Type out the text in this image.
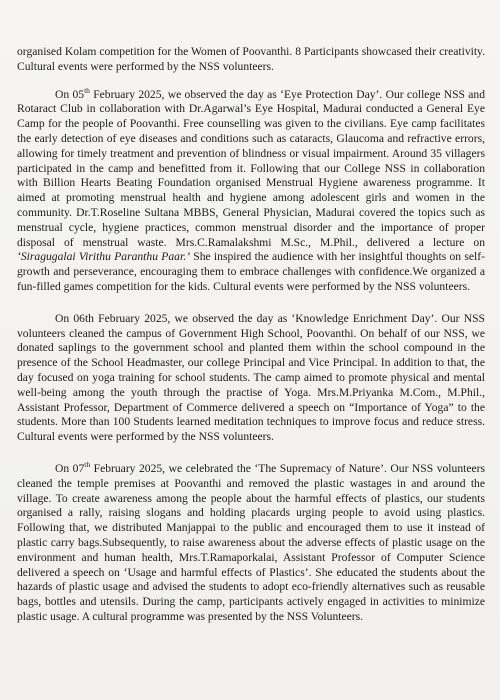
organised Kolam competition for the Women of Poovanthi. 8 Participants showcased their creativity. Cultural events were performed by the NSS volunteers.

On 05th February 2025, we observed the day as ‘Eye Protection Day’. Our college NSS and Rotaract Club in collaboration with Dr.Agarwal’s Eye Hospital, Madurai conducted a General Eye Camp for the people of Poovanthi. Free counselling was given to the civilians. Eye camp facilitates the early detection of eye diseases and conditions such as cataracts, Glaucoma and refractive errors, allowing for timely treatment and prevention of blindness or visual impairment. Around 35 villagers participated in the camp and benefitted from it. Following that our College NSS in collaboration with Billion Hearts Beating Foundation organised Menstrual Hygiene awareness programme. It aimed at promoting menstrual health and hygiene among adolescent girls and women in the community. Dr.T.Roseline Sultana MBBS, General Physician, Madurai covered the topics such as menstrual cycle, hygiene practices, common menstrual disorder and the importance of proper disposal of menstrual waste. Mrs.C.Ramalakshmi M.Sc., M.Phil., delivered a lecture on ‘Siragugalai Virithu Paranthu Paar.’ She inspired the audience with her insightful thoughts on self-growth and perseverance, encouraging them to embrace challenges with confidence.We organized a fun-filled games competition for the kids. Cultural events were performed by the NSS volunteers.

On 06th February 2025, we observed the day as ‘Knowledge Enrichment Day’. Our NSS volunteers cleaned the campus of Government High School, Poovanthi. On behalf of our NSS, we donated saplings to the government school and planted them within the school compound in the presence of the School Headmaster, our college Principal and Vice Principal. In addition to that, the day focused on yoga training for school students. The camp aimed to promote physical and mental well-being among the youth through the practise of Yoga. Mrs.M.Priyanka M.Com., M.Phil., Assistant Professor, Department of Commerce delivered a speech on “Importance of Yoga” to the students. More than 100 Students learned meditation techniques to improve focus and reduce stress. Cultural events were performed by the NSS volunteers.

On 07th February 2025, we celebrated the ‘The Supremacy of Nature’. Our NSS volunteers cleaned the temple premises at Poovanthi and removed the plastic wastages in and around the village. To create awareness among the people about the harmful effects of plastics, our students organised a rally, raising slogans and holding placards urging people to avoid using plastics. Following that, we distributed Manjappai to the public and encouraged them to use it instead of plastic carry bags.Subsequently, to raise awareness about the adverse effects of plastic usage on the environment and human health, Mrs.T.Ramaporkalai, Assistant Professor of Computer Science delivered a speech on ‘Usage and harmful effects of Plastics’. She educated the students about the hazards of plastic usage and advised the students to adopt eco-friendly alternatives such as reusable bags, bottles and utensils. During the camp, participants actively engaged in activities to minimize plastic usage. A cultural programme was presented by the NSS Volunteers.
